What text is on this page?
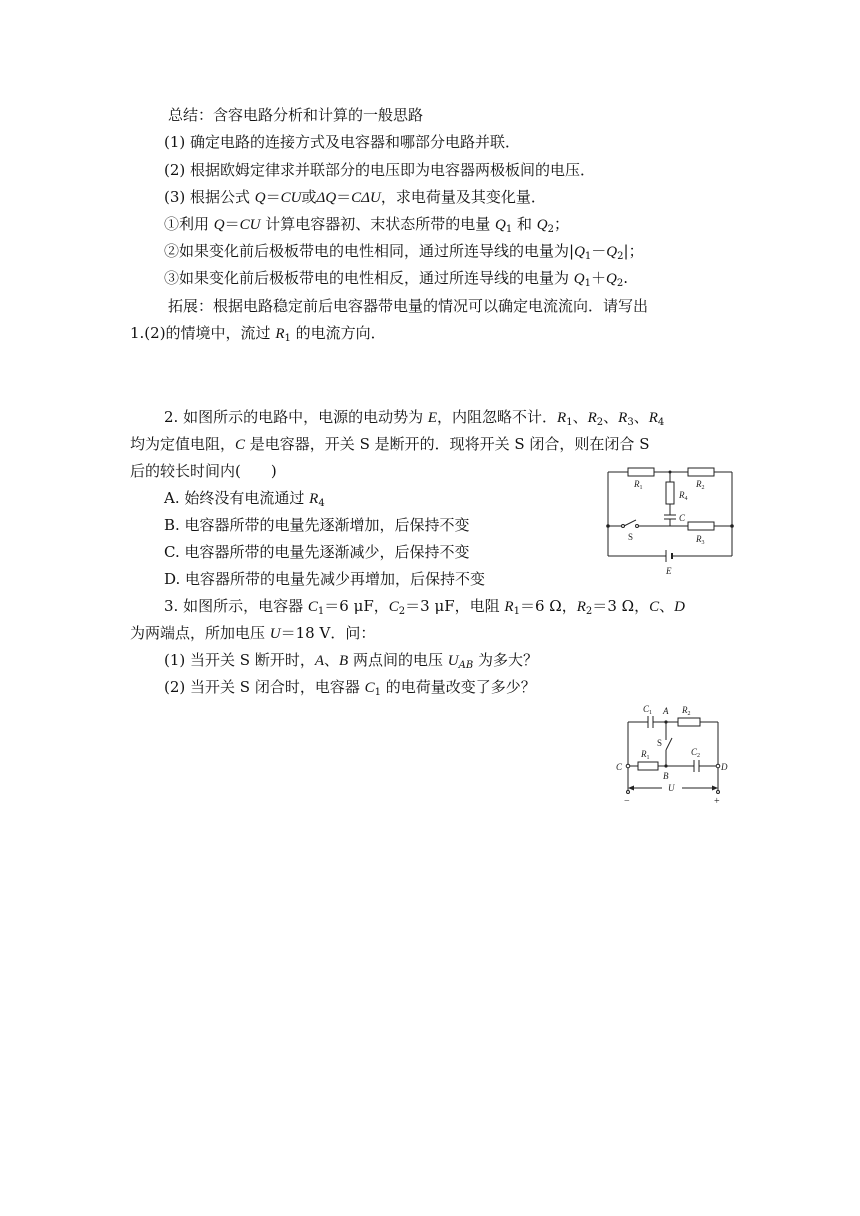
总结：含容电路分析和计算的一般思路
(1) 确定电路的连接方式及电容器和哪部分电路并联．
(2) 根据欧姆定律求并联部分的电压即为电容器两极板间的电压．
(3) 根据公式 Q＝CU或ΔQ＝CΔU，求电荷量及其变化量．
①利用 Q＝CU 计算电容器初、末状态所带的电量 $Q_1$ 和 $Q_2$；
②如果变化前后极板带电的电性相同，通过所连导线的电量为$|Q_1-Q_2|$；
③如果变化前后极板带电的电性相反，通过所连导线的电量为 $Q_1+Q_2$.
拓展：根据电路稳定前后电容器带电量的情况可以确定电流流向．请写出
1.(2)的情境中，流过 $R_1$ 的电流方向．
2. 如图所示的电路中，电源的电动势为 E，内阻忽略不计．$R_1$、$R_2$、$R_3$、$R_4$
均为定值电阻，C 是电容器，开关 S 是断开的．现将开关 S 闭合，则在闭合 S
后的较长时间内(　　)
A. 始终没有电流通过 $R_4$
B. 电容器所带的电量先逐渐增加，后保持不变
C. 电容器所带的电量先逐渐减少，后保持不变
D. 电容器所带的电量先减少再增加，后保持不变
$R_1$	$R_2$
$R_4$
C
$R_3$
E
S
3. 如图所示，电容器 $C_1=6$ μF，$C_2=3$ μF，电阻 $R_1=6$ Ω，$R_2=3$ Ω，C、D
为两端点，所加电压 U＝18 V．问：
(1) 当开关 S 断开时，A、B 两点间的电压 $U_{AB}$ 为多大？
(2) 当开关 S 闭合时，电容器 $C_1$ 的电荷量改变了多少？
$C_1$ A $R_2$
$R_1$
$C_2$
B
C	D
U
S
−	+
